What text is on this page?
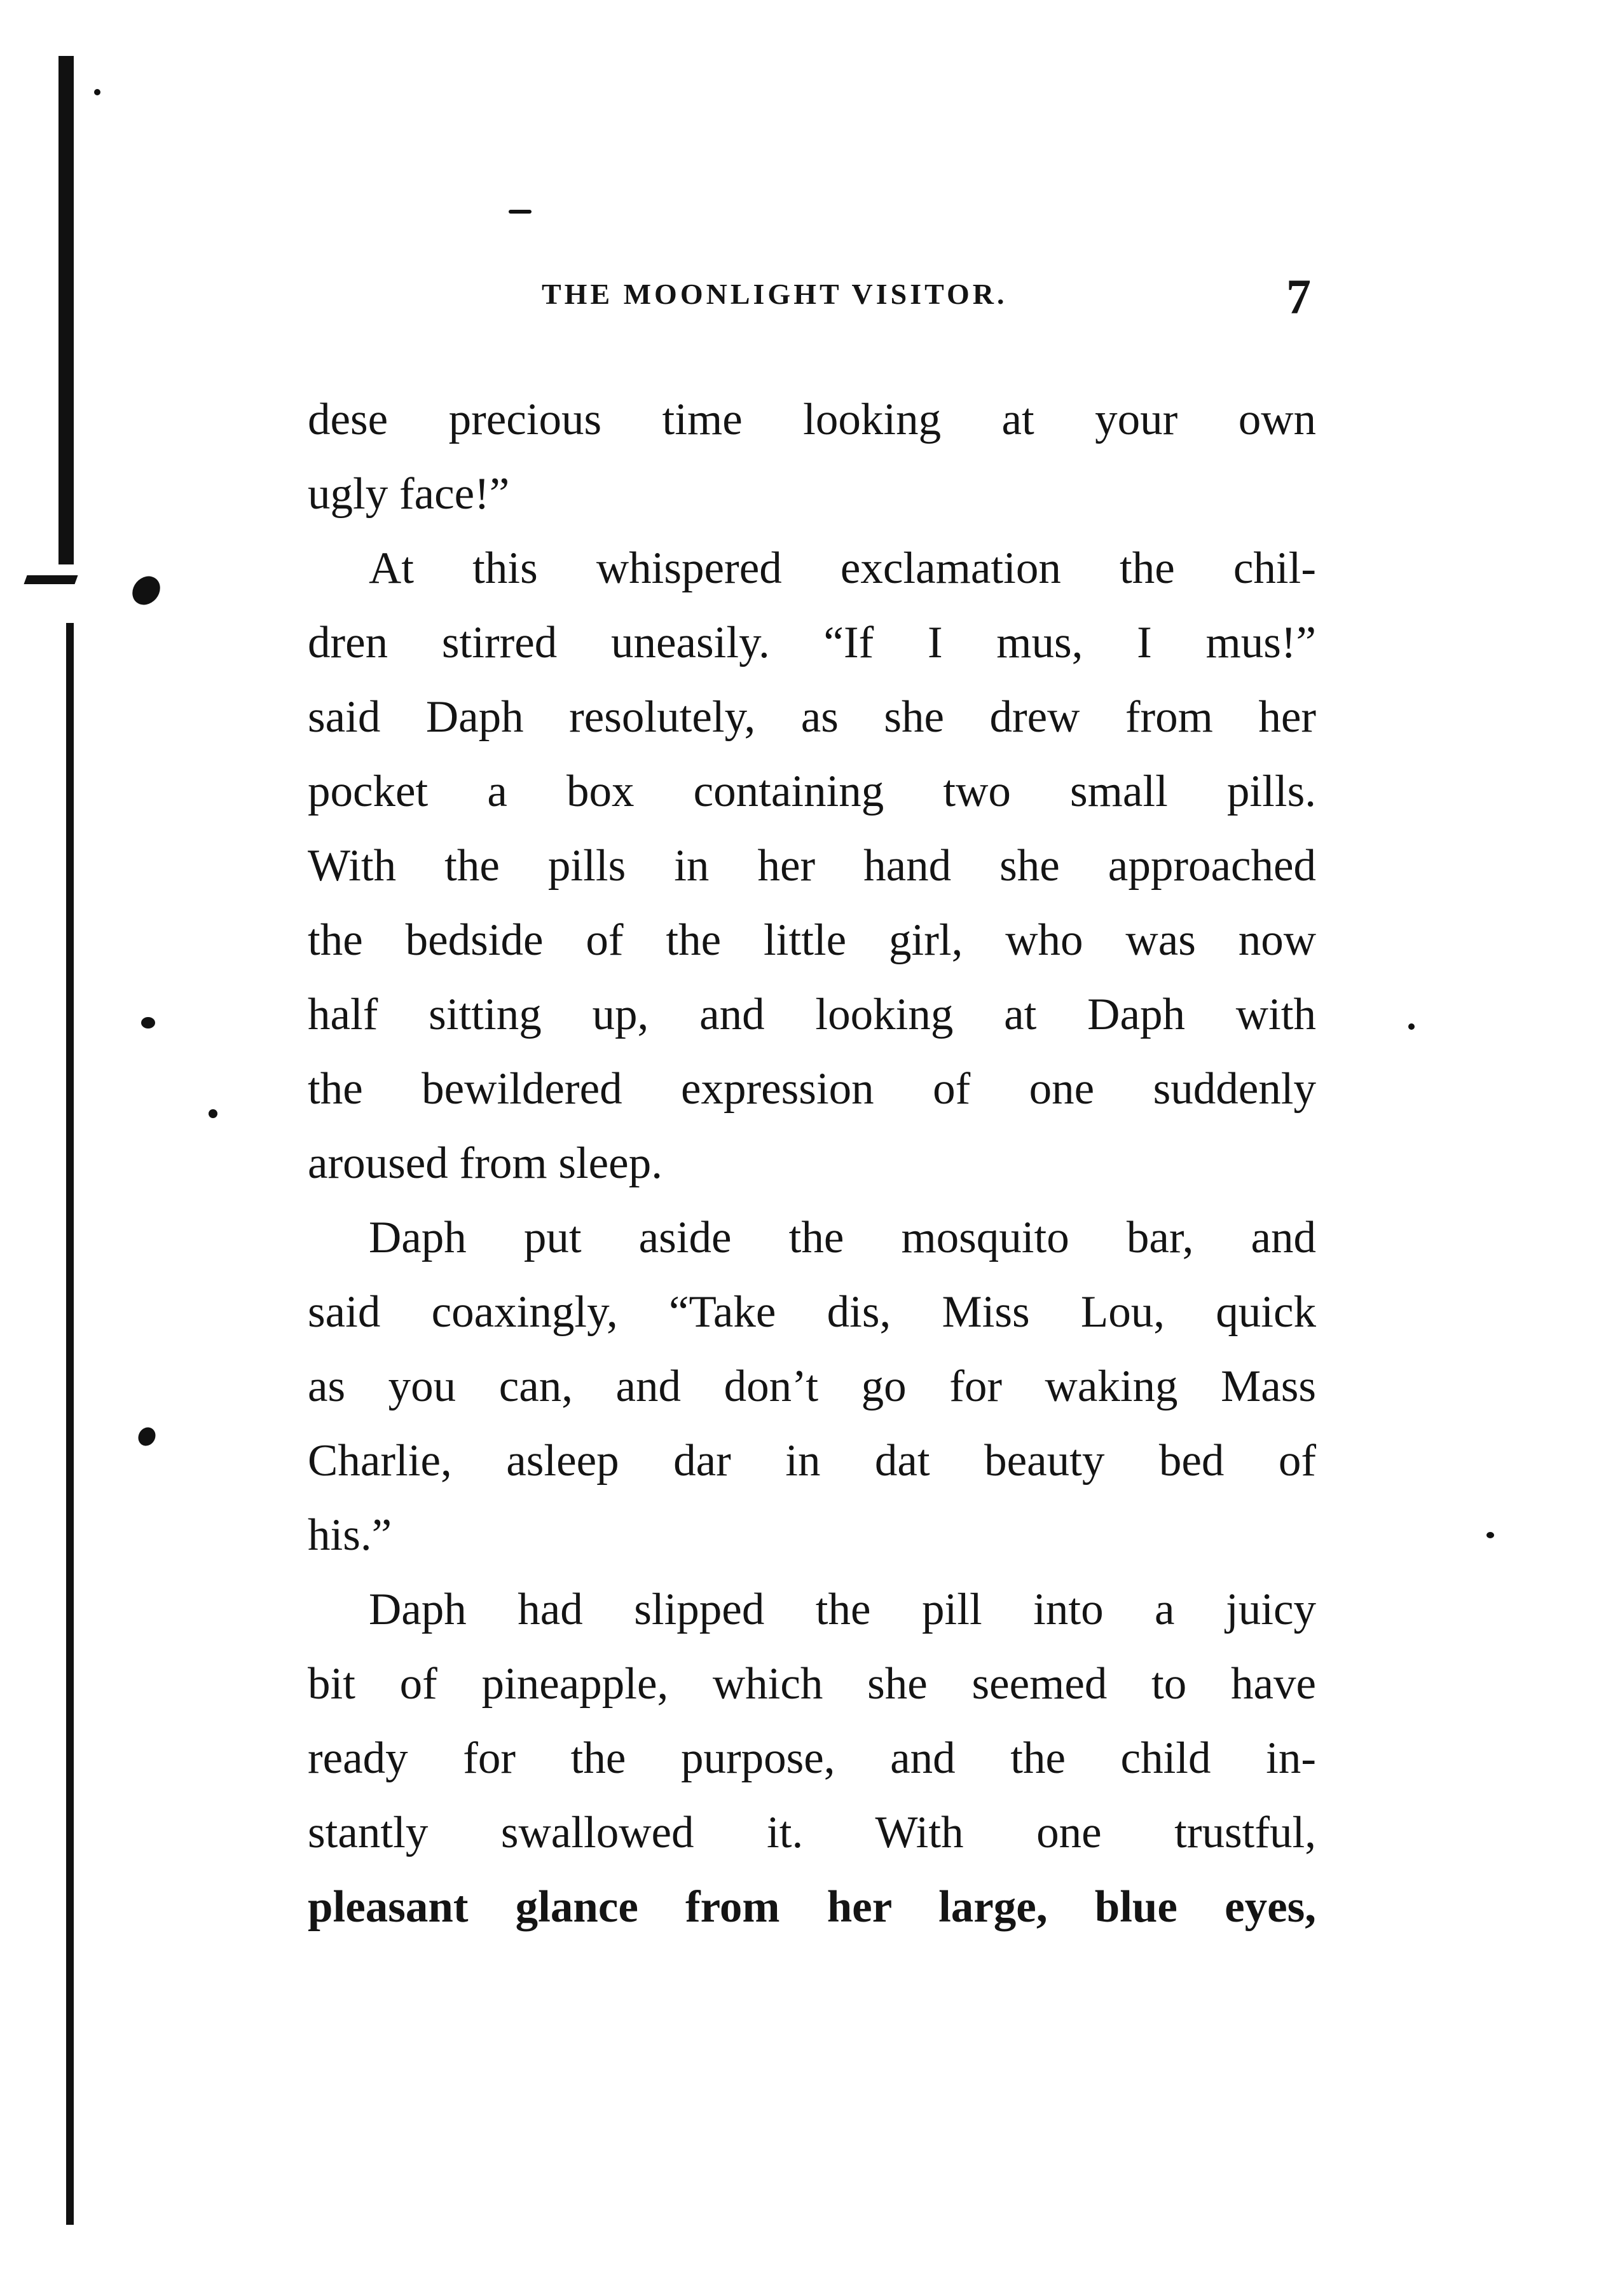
THE MOONLIGHT VISITOR.	7
dese precious time looking at your own
ugly face!”
At this whispered exclamation the chil-
dren stirred uneasily. “If I mus, I mus!”
said Daph resolutely, as she drew from her
pocket a box containing two small pills.
With the pills in her hand she approached
the bedside of the little girl, who was now
half sitting up, and looking at Daph with
the bewildered expression of one suddenly
aroused from sleep.
Daph put aside the mosquito bar, and
said coaxingly, “Take dis, Miss Lou, quick
as you can, and don’t go for waking Mass
Charlie, asleep dar in dat beauty bed of
his.”
Daph had slipped the pill into a juicy
bit of pineapple, which she seemed to have
ready for the purpose, and the child in-
stantly swallowed it. With one trustful,
pleasant glance from her large, blue eyes,
